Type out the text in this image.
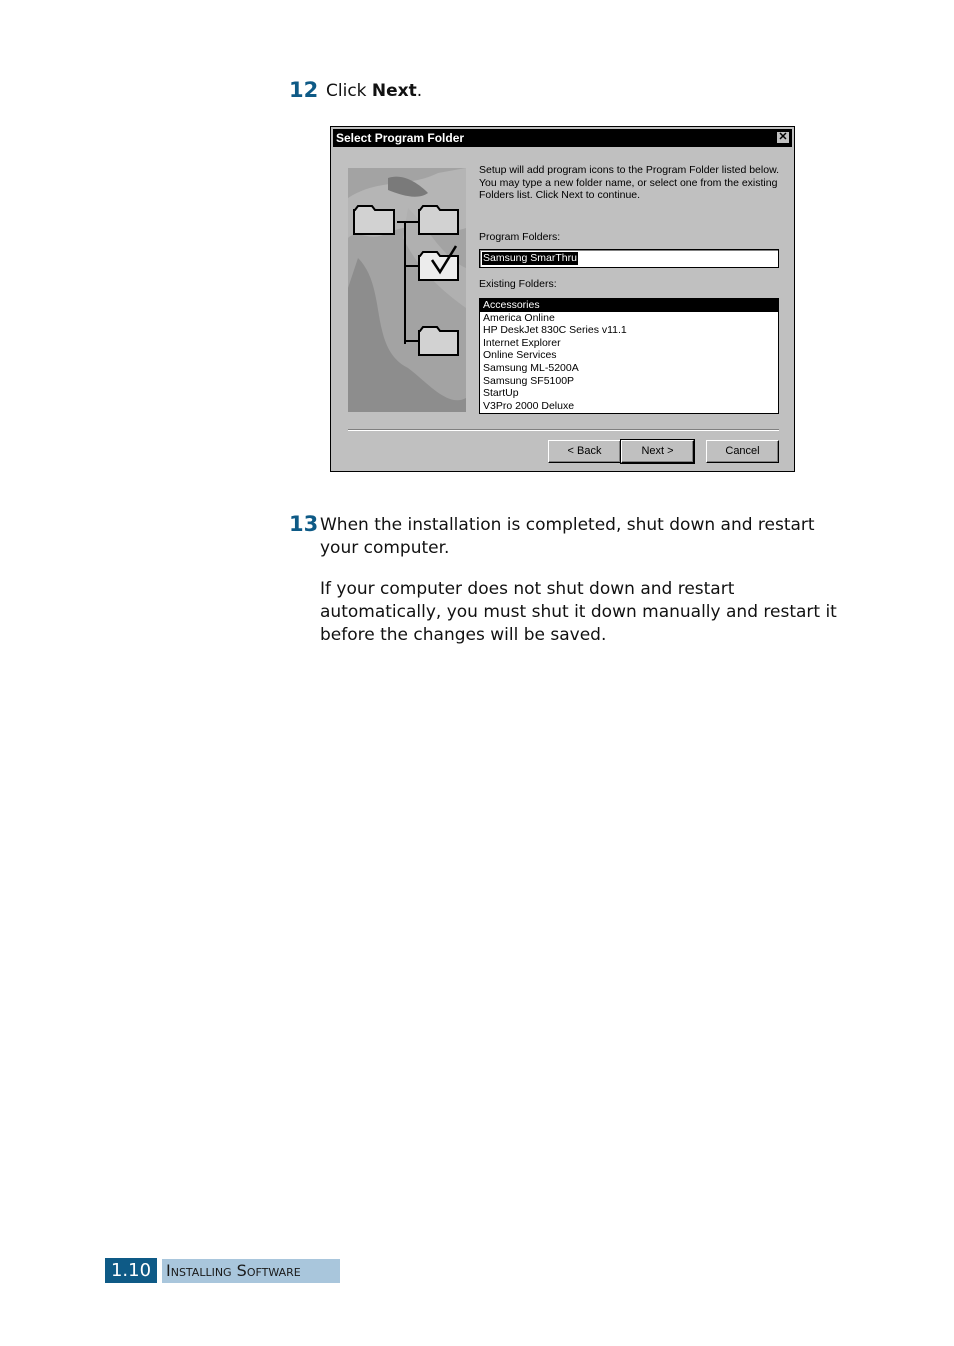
12 Click Next.
Select Program Folder	✕
Setup will add program icons to the Program Folder listed below. You may type a new folder name, or select one from the existing Folders list. Click Next to continue.
Program Folders:
Samsung SmarThru
Existing Folders:
Accessories
America Online
HP DeskJet 830C Series v11.1
Internet Explorer
Online Services
Samsung ML-5200A
Samsung SF5100P
StartUp
V3Pro 2000 Deluxe
< Back	Next >	Cancel
13 When the installation is completed, shut down and restart your computer.
If your computer does not shut down and restart automatically, you must shut it down manually and restart it before the changes will be saved.
1.10 Installing Software
